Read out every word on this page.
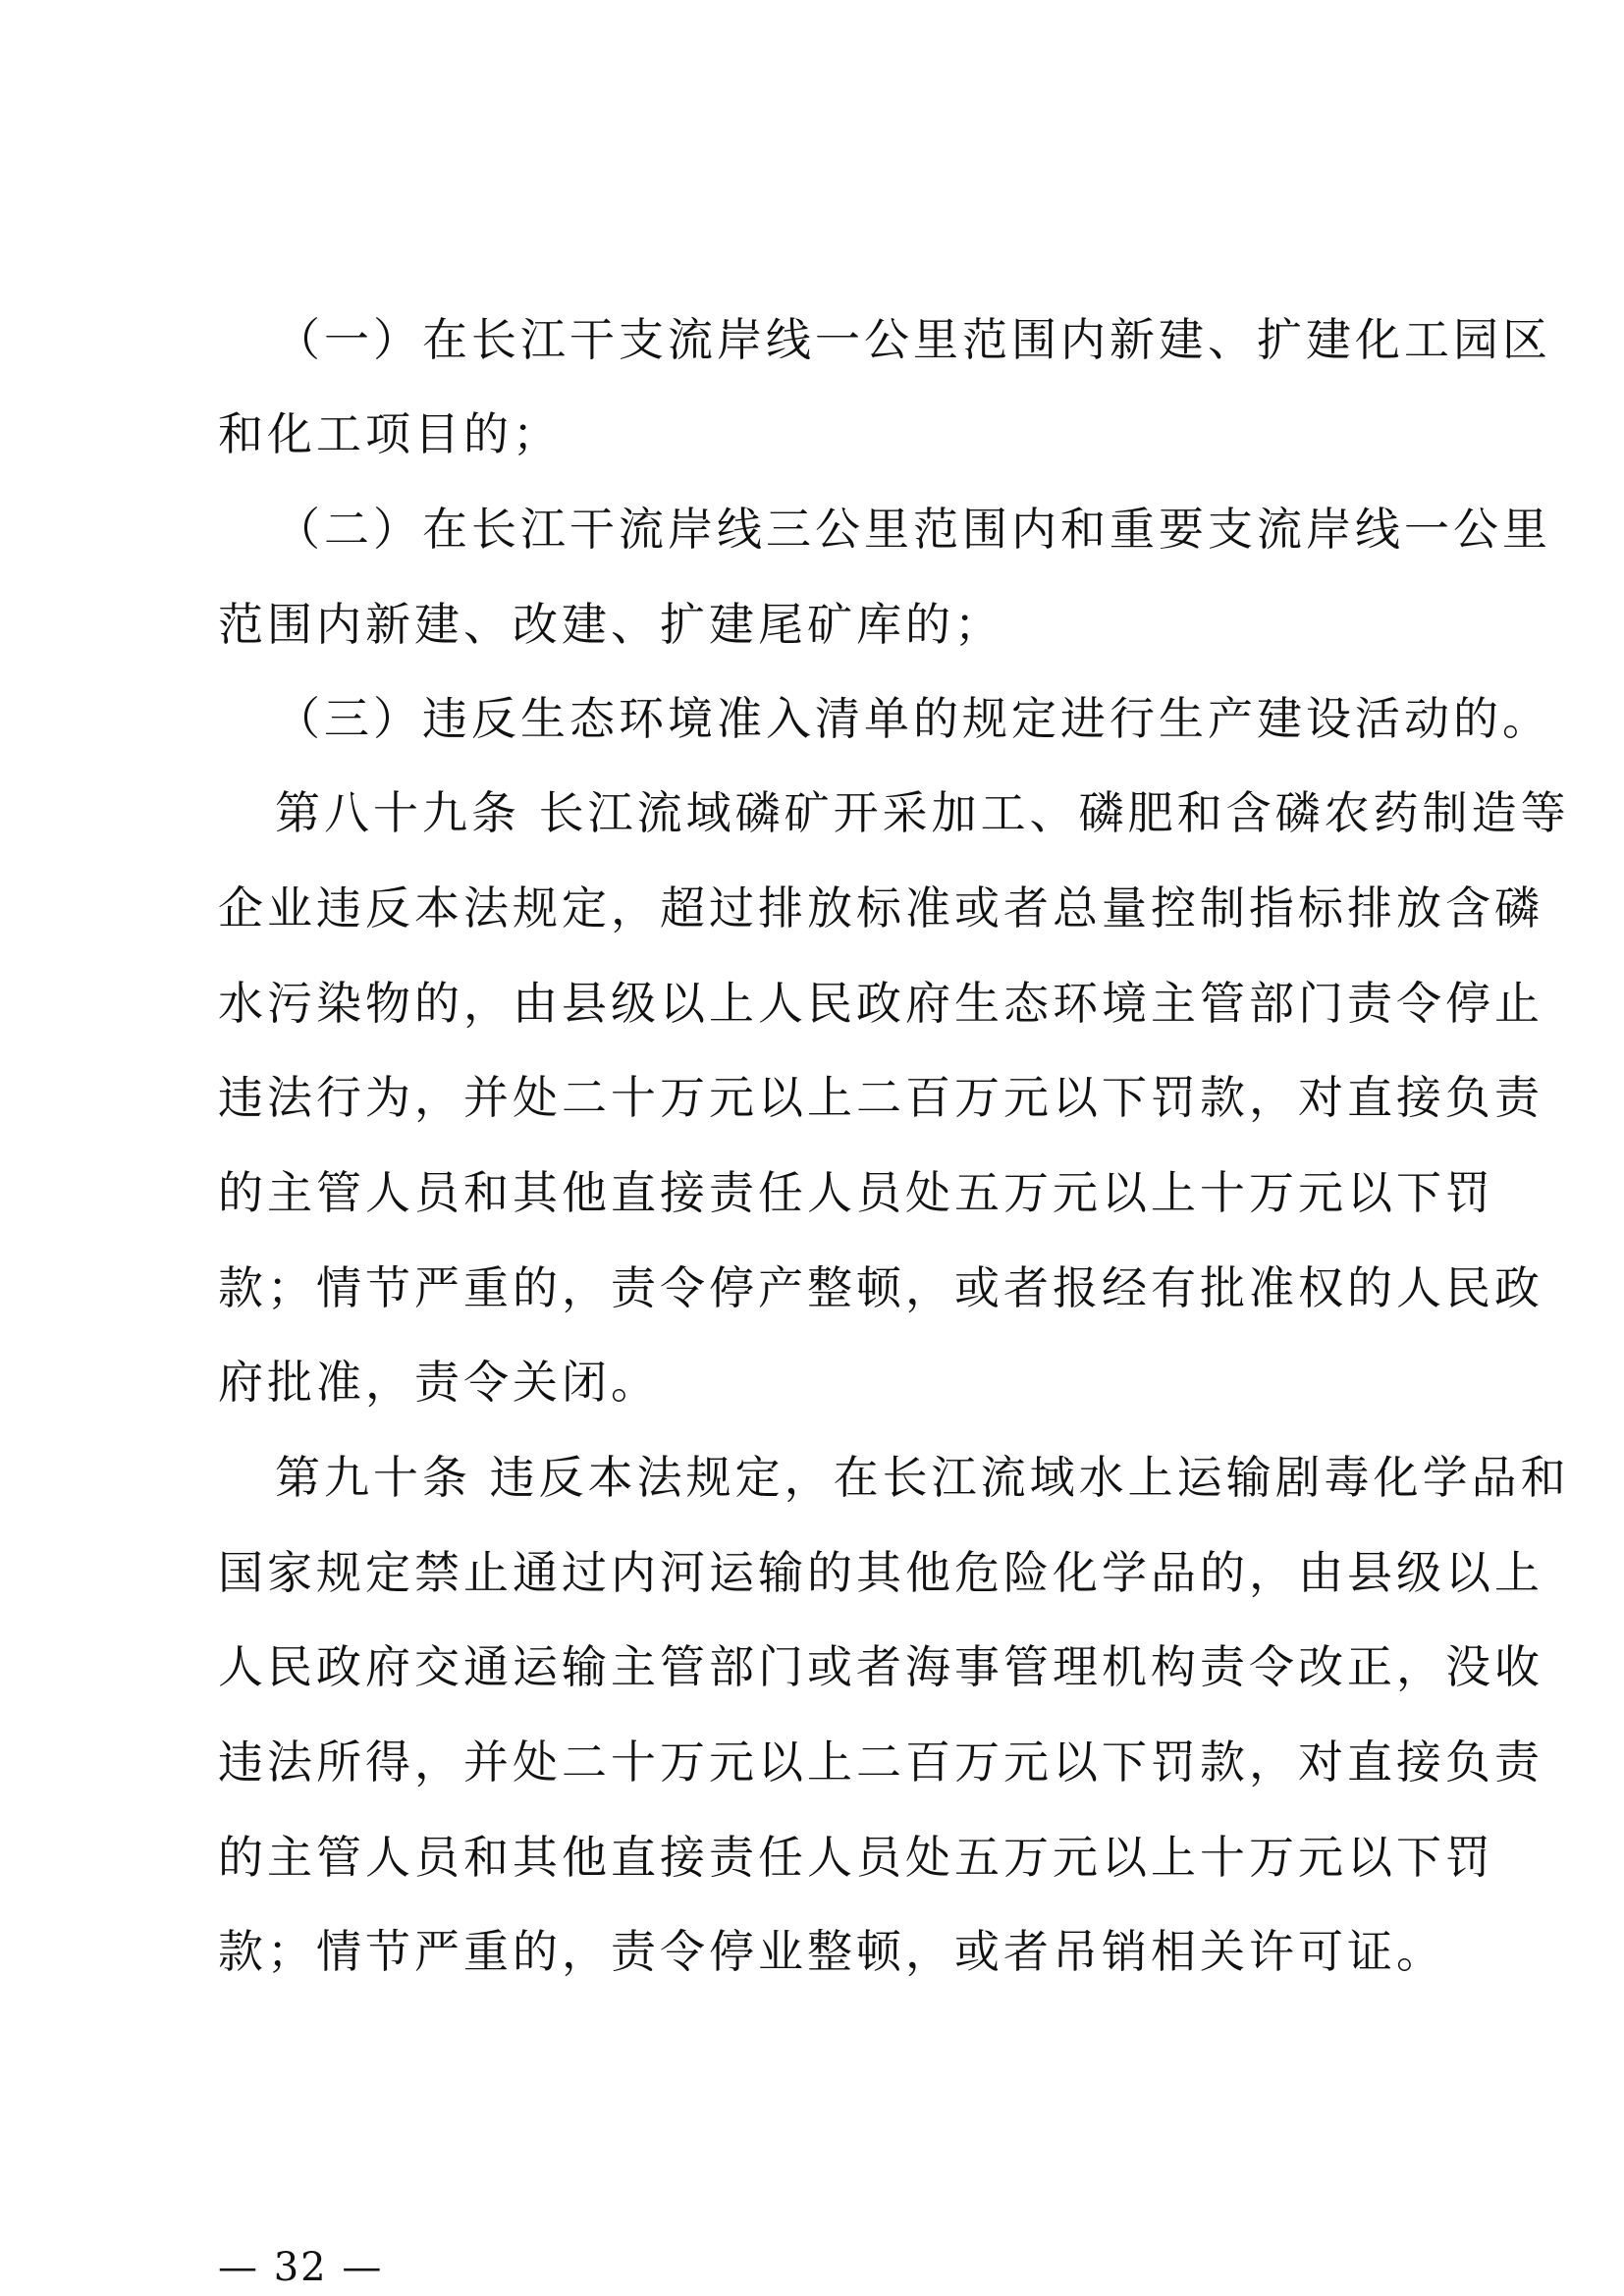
（一）在长江干支流岸线一公里范围内新建、扩建化工园区
和化工项目的；
（二）在长江干流岸线三公里范围内和重要支流岸线一公里
范围内新建、改建、扩建尾矿库的；
（三）违反生态环境准入清单的规定进行生产建设活动的。
第八十九条 长江流域磷矿开采加工、磷肥和含磷农药制造等
企业违反本法规定，超过排放标准或者总量控制指标排放含磷
水污染物的，由县级以上人民政府生态环境主管部门责令停止
违法行为，并处二十万元以上二百万元以下罚款，对直接负责
的主管人员和其他直接责任人员处五万元以上十万元以下罚
款；情节严重的，责令停产整顿，或者报经有批准权的人民政
府批准，责令关闭。
第九十条 违反本法规定，在长江流域水上运输剧毒化学品和
国家规定禁止通过内河运输的其他危险化学品的，由县级以上
人民政府交通运输主管部门或者海事管理机构责令改正，没收
违法所得，并处二十万元以上二百万元以下罚款，对直接负责
的主管人员和其他直接责任人员处五万元以上十万元以下罚
款；情节严重的，责令停业整顿，或者吊销相关许可证。
— 32 —
